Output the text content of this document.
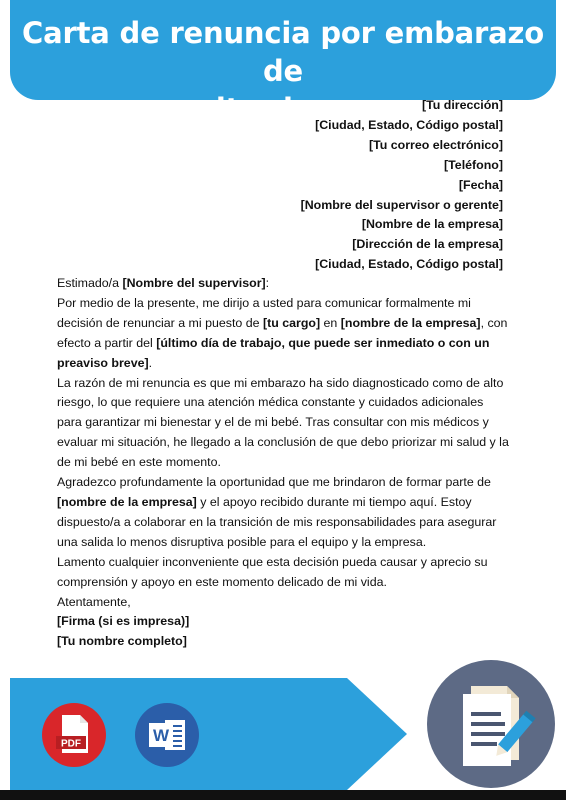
Carta de renuncia por embarazo de
alto riesgo	[Tu dirección]
[Ciudad, Estado, Código postal]
[Tu correo electrónico]
[Teléfono]
[Fecha]
[Nombre del supervisor o gerente]
[Nombre de la empresa]
[Dirección de la empresa]
[Ciudad, Estado, Código postal]

Estimado/a [Nombre del supervisor]:

Por medio de la presente, me dirijo a usted para comunicar formalmente mi decisión de renunciar a mi puesto de [tu cargo] en [nombre de la empresa], con efecto a partir del [último día de trabajo, que puede ser inmediato o con un preaviso breve].

La razón de mi renuncia es que mi embarazo ha sido diagnosticado como de alto riesgo, lo que requiere una atención médica constante y cuidados adicionales para garantizar mi bienestar y el de mi bebé. Tras consultar con mis médicos y evaluar mi situación, he llegado a la conclusión de que debo priorizar mi salud y la de mi bebé en este momento.

Agradezco profundamente la oportunidad que me brindaron de formar parte de [nombre de la empresa] y el apoyo recibido durante mi tiempo aquí. Estoy dispuesto/a a colaborar en la transición de mis responsabilidades para asegurar una salida lo menos disruptiva posible para el equipo y la empresa.

Lamento cualquier inconveniente que esta decisión pueda causar y aprecio su comprensión y apoyo en este momento delicado de mi vida.

Atentamente,

[Firma (si es impresa)]

[Tu nombre completo]

PDF	W
